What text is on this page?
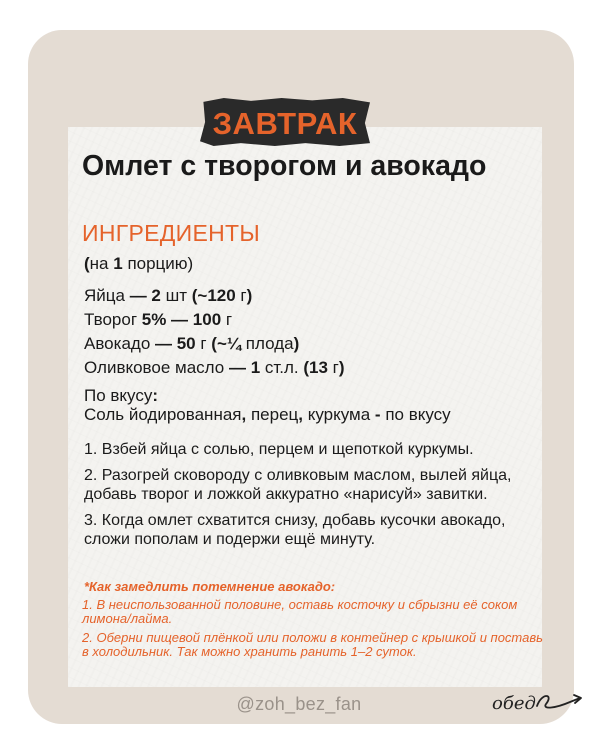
ЗАВТРАК
Омлет с творогом и авокадо
ИНГРЕДИЕНТЫ
(на 1 порцию)
Яйца — 2 шт (~120 г)
Творог 5% — 100 г
Авокадо — 50 г (~¼ плода)
Оливковое масло — 1 ст.л. (13 г)
По вкусу:
Соль йодированная, перец, куркума - по вкусу
1. Взбей яйца с солью, перцем и щепоткой куркумы.
2. Разогрей сковороду с оливковым маслом, вылей яйца, добавь творог и ложкой аккуратно «нарисуй» завитки.
3. Когда омлет схватится снизу, добавь кусочки авокадо, сложи пополам и подержи ещё минуту.
*Как замедлить потемнение авокадо:
1. В неиспользованной половине, оставь косточку и сбрызни её соком лимона/лайма.
2. Оберни пищевой плёнкой или положи в контейнер с крышкой и поставь в холодильник. Так можно хранить ранить 1–2 суток.
@zoh_bez_fan	обед
